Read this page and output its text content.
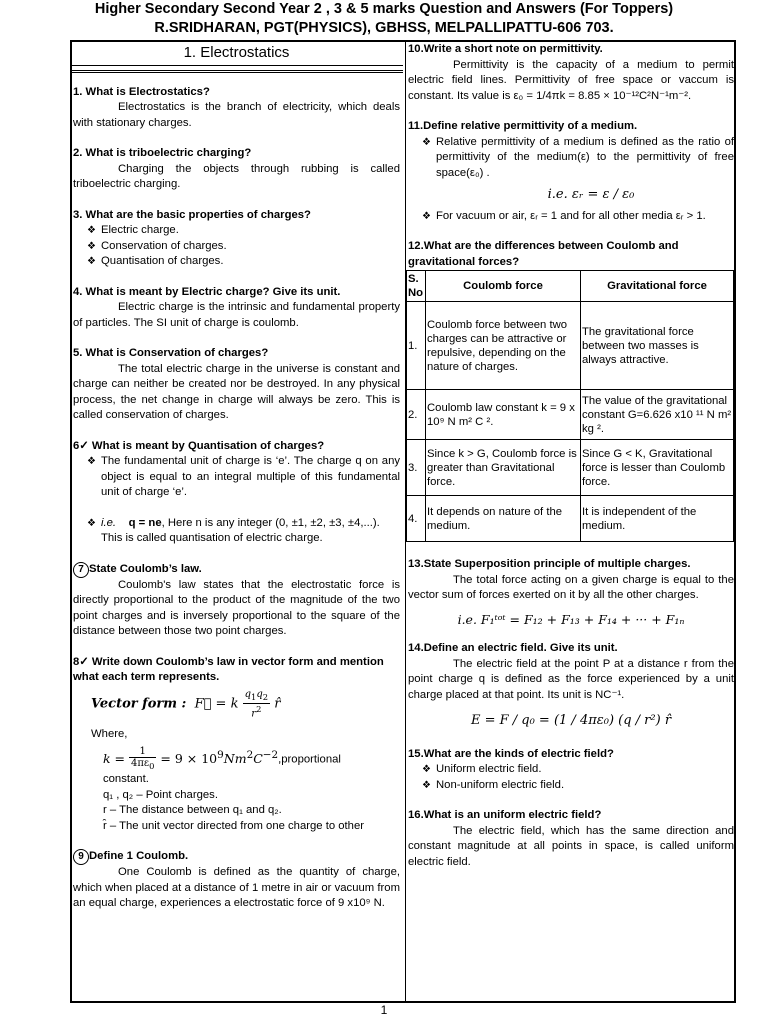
Higher Secondary Second Year 2 , 3 & 5 marks Question and Answers (For Toppers)
R.SRIDHARAN, PGT(PHYSICS), GBHSS, MELPALLIPATTU-606 703.
1. Electrostatics

1. What is Electrostatics?

Electrostatics is the branch of electricity, which deals with stationary charges.

2. What is triboelectric charging?

Charging the objects through rubbing is called triboelectric charging.

3. What are the basic properties of charges?

❖ Electric charge.
❖ Conservation of charges.
❖ Quantisation of charges.

4. What is meant by Electric charge? Give its unit.

Electric charge is the intrinsic and fundamental property of particles. The SI unit of charge is coulomb.

5. What is Conservation of charges?

The total electric charge in the universe is constant and charge can neither be created nor be destroyed. In any physical process, the net change in charge will always be zero. This is called conservation of charges.

6✓ What is meant by Quantisation of charges?

❖ The fundamental unit of charge is ‘e’. The charge q on any object is equal to an integral multiple of this fundamental unit of charge ‘e’.
❖ i.e. q = ne, Here n is any integer (0, ±1, ±2, ±3, ±4,...). This is called quantisation of electric charge.

7 State Coulomb’s law.

Coulomb's law states that the electrostatic force is directly proportional to the product of the magnitude of the two point charges and is inversely proportional to the square of the distance between those two point charges.

8✓ Write down Coulomb’s law in vector form and mention what each term represents.

Vector form :  F⃗ = k $\frac{q_1q_2}{r^2}$ r̂

Where,

$k = \frac{1}{4\pi\varepsilon_0} = 9$ × $10^9Nm^2C^{-2},proportional$

constant.

q₁ , q₂ – Point charges.

r – The distance between q₁ and q₂.

r̂ – The unit vector directed from one charge to other

9 Define 1 Coulomb.

One Coulomb is defined as the quantity of charge, which when placed at a distance of 1 metre in air or vacuum from an equal charge, experiences a electrostatic force of 9 x10⁹ N.

10.Write a short note on permittivity.

Permittivity is the capacity of a medium to permit electric field lines. Permittivity of free space or vaccum is constant. Its value is ε₀ = 1/4πk = 8.85 × 10⁻¹²C²N⁻¹m⁻².

11.Define relative permittivity of a medium.

❖ Relative permittivity of a medium is defined as the ratio of permittivity of the medium(ε) to the permittivity of free space(ε₀) .

i.e. εᵣ = ε / ε₀

❖ For vacuum or air, εᵣ = 1 and for all other media εᵣ > 1.

12.What are the differences between Coulomb and gravitational forces?

S. No	Coulomb force	Gravitational force
1.	Coulomb force between two charges can be attractive or repulsive, depending on the nature of charges.	The gravitational force between two masses is always attractive.
2.	Coulomb law constant k = 9 x 10⁹ N m² C ².	The value of the gravitational constant G=6.626 x10 ¹¹ N m² kg ².
3.	Since k > G, Coulomb force is greater than Gravitational force.	Since G < K, Gravitational force is lesser than Coulomb force.
4.	It depends on nature of the medium.	It is independent of the medium.

13.State Superposition principle of multiple charges.

The total force acting on a given charge is equal to the vector sum of forces exerted on it by all the other charges.

i.e. F₁ᵗᵒᵗ = F₁₂ + F₁₃ + F₁₄ + ··· + F₁ₙ

14.Define an electric field. Give its unit.

The electric field at the point P at a distance r from the point charge q is defined as the force experienced by a unit charge placed at that point. Its unit is NC⁻¹.

E = F / q₀ = (1 / 4πε₀) (q / r²) r̂

15.What are the kinds of electric field?

❖ Uniform electric field.
❖ Non-uniform electric field.

16.What is an uniform electric field?

The electric field, which has the same direction and constant magnitude at all points in space, is called uniform electric field.

1
